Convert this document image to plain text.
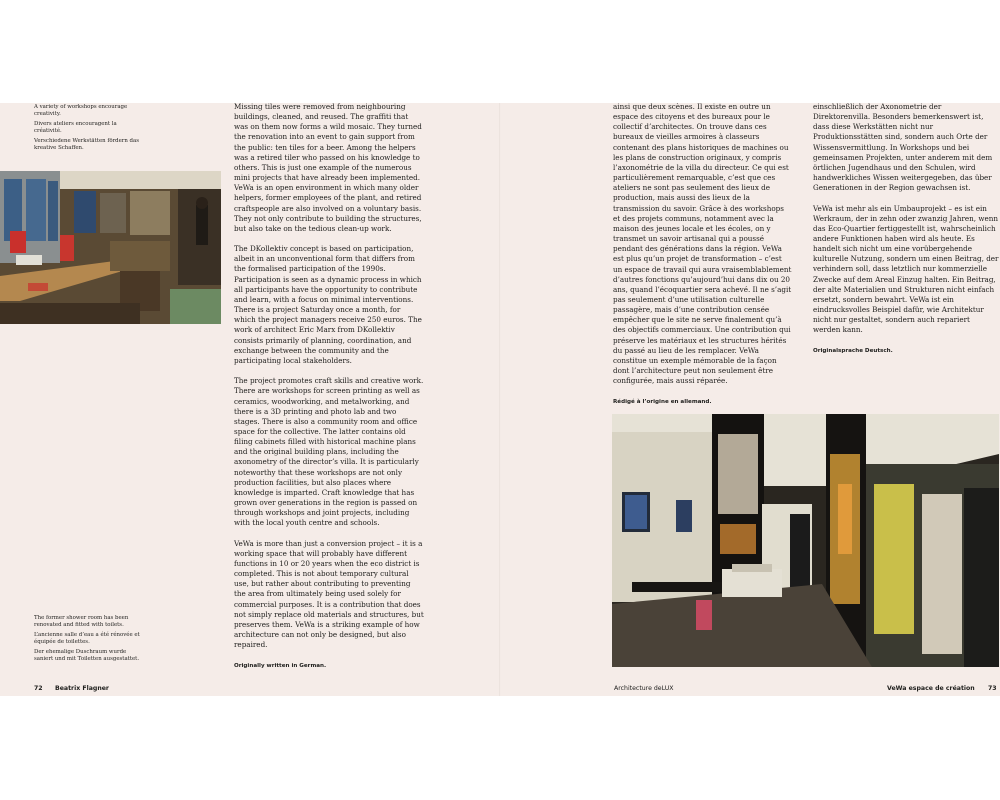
A variety of workshops encourage creativity.

Divers ateliers encouragent la créativité.

Verschiedene Werkstätten fördern das kreative Schaffen.

The former shower room has been renovated and fitted with toilets.

L’ancienne salle d’eau a été rénovée et équipée de toilettes.

Der ehemalige Duschraum wurde saniert und mit Toiletten ausgestattet.

Missing tiles were removed from neighbouring buildings, cleaned, and reused. The graffiti that was on them now forms a wild mosaic. They turned the renovation into an event to gain support from the public: ten tiles for a beer. Among the helpers was a retired tiler who passed on his knowledge to others. This is just one example of the numerous mini projects that have already been implemented. VeWa is an open environment in which many older helpers, former employees of the plant, and retired craftspeople are also involved on a voluntary basis. They not only contribute to building the structures, but also take on the tedious clean-up work.

The DKollektiv concept is based on participation, albeit in an unconventional form that differs from the formalised participation of the 1990s. Participation is seen as a dynamic process in which all participants have the opportunity to contribute and learn, with a focus on minimal interventions. There is a project Saturday once a month, for which the project managers receive 250 euros. The work of architect Eric Marx from DKollektiv consists primarily of planning, coordination, and exchange between the community and the participating local stakeholders.

The project promotes craft skills and creative work. There are workshops for screen printing as well as ceramics, woodworking, and metalworking, and there is a 3D printing and photo lab and two stages. There is also a community room and office space for the collective. The latter contains old filing cabinets filled with historical machine plans and the original building plans, including the axonometry of the director’s villa. It is particularly noteworthy that these workshops are not only production facilities, but also places where knowledge is imparted. Craft knowledge that has grown over generations in the region is passed on through workshops and joint projects, including with the local youth centre and schools.

VeWa is more than just a conversion project – it is a working space that will probably have different functions in 10 or 20 years when the eco district is completed. This is not about temporary cultural use, but rather about contributing to preventing the area from ultimately being used solely for commercial purposes. It is a contribution that does not simply replace old materials and structures, but preserves them. VeWa is a striking example of how architecture can not only be designed, but also repaired.

Originally written in German.

72 Beatrix Flagner

ainsi que deux scènes. Il existe en outre un espace des citoyens et des bureaux pour le collectif d’architectes. On trouve dans ces bureaux de vieilles armoires à classeurs contenant des plans historiques de machines ou les plans de construction originaux, y compris l’axonométrie de la villa du directeur. Ce qui est particulièrement remarquable, c’est que ces ateliers ne sont pas seulement des lieux de production, mais aussi des lieux de la transmission du savoir. Grâce à des workshops et des projets communs, notamment avec la maison des jeunes locale et les écoles, on y transmet un savoir artisanal qui a poussé pendant des générations dans la région. VeWa est plus qu’un projet de transformation – c’est un espace de travail qui aura vraisemblablement d’autres fonctions qu’aujourd’hui dans dix ou 20 ans, quand l’écoquartier sera achevé. Il ne s’agit pas seulement d’une utilisation culturelle passagère, mais d’une contribution censée empêcher que le site ne serve finalement qu’à des objectifs commerciaux. Une contribution qui préserve les matériaux et les structures hérités du passé au lieu de les remplacer. VeWa constitue un exemple mémorable de la façon dont l’architecture peut non seulement être configurée, mais aussi réparée.

Rédigé à l’origine en allemand.

einschließlich der Axonometrie der Direktorenvilla. Besonders bemerkenswert ist, dass diese Werkstätten nicht nur Produktionsstätten sind, sondern auch Orte der Wissensvermittlung. In Workshops und bei gemeinsamen Projekten, unter anderem mit dem örtlichen Jugendhaus und den Schulen, wird handwerkliches Wissen weitergegeben, das über Generationen in der Region gewachsen ist.

VeWa ist mehr als ein Umbauprojekt – es ist ein Werkraum, der in zehn oder zwanzig Jahren, wenn das Eco-Quartier fertiggestellt ist, wahrscheinlich andere Funktionen haben wird als heute. Es handelt sich nicht um eine vorübergehende kulturelle Nutzung, sondern um einen Beitrag, der verhindern soll, dass letztlich nur kommerzielle Zwecke auf dem Areal Einzug halten. Ein Beitrag, der alte Materialien und Strukturen nicht einfach ersetzt, sondern bewahrt. VeWa ist ein eindrucksvolles Beispiel dafür, wie Architektur nicht nur gestaltet, sondern auch repariert werden kann.

Originalsprache Deutsch.

Architecture deLUX	VeWa espace de création 73
